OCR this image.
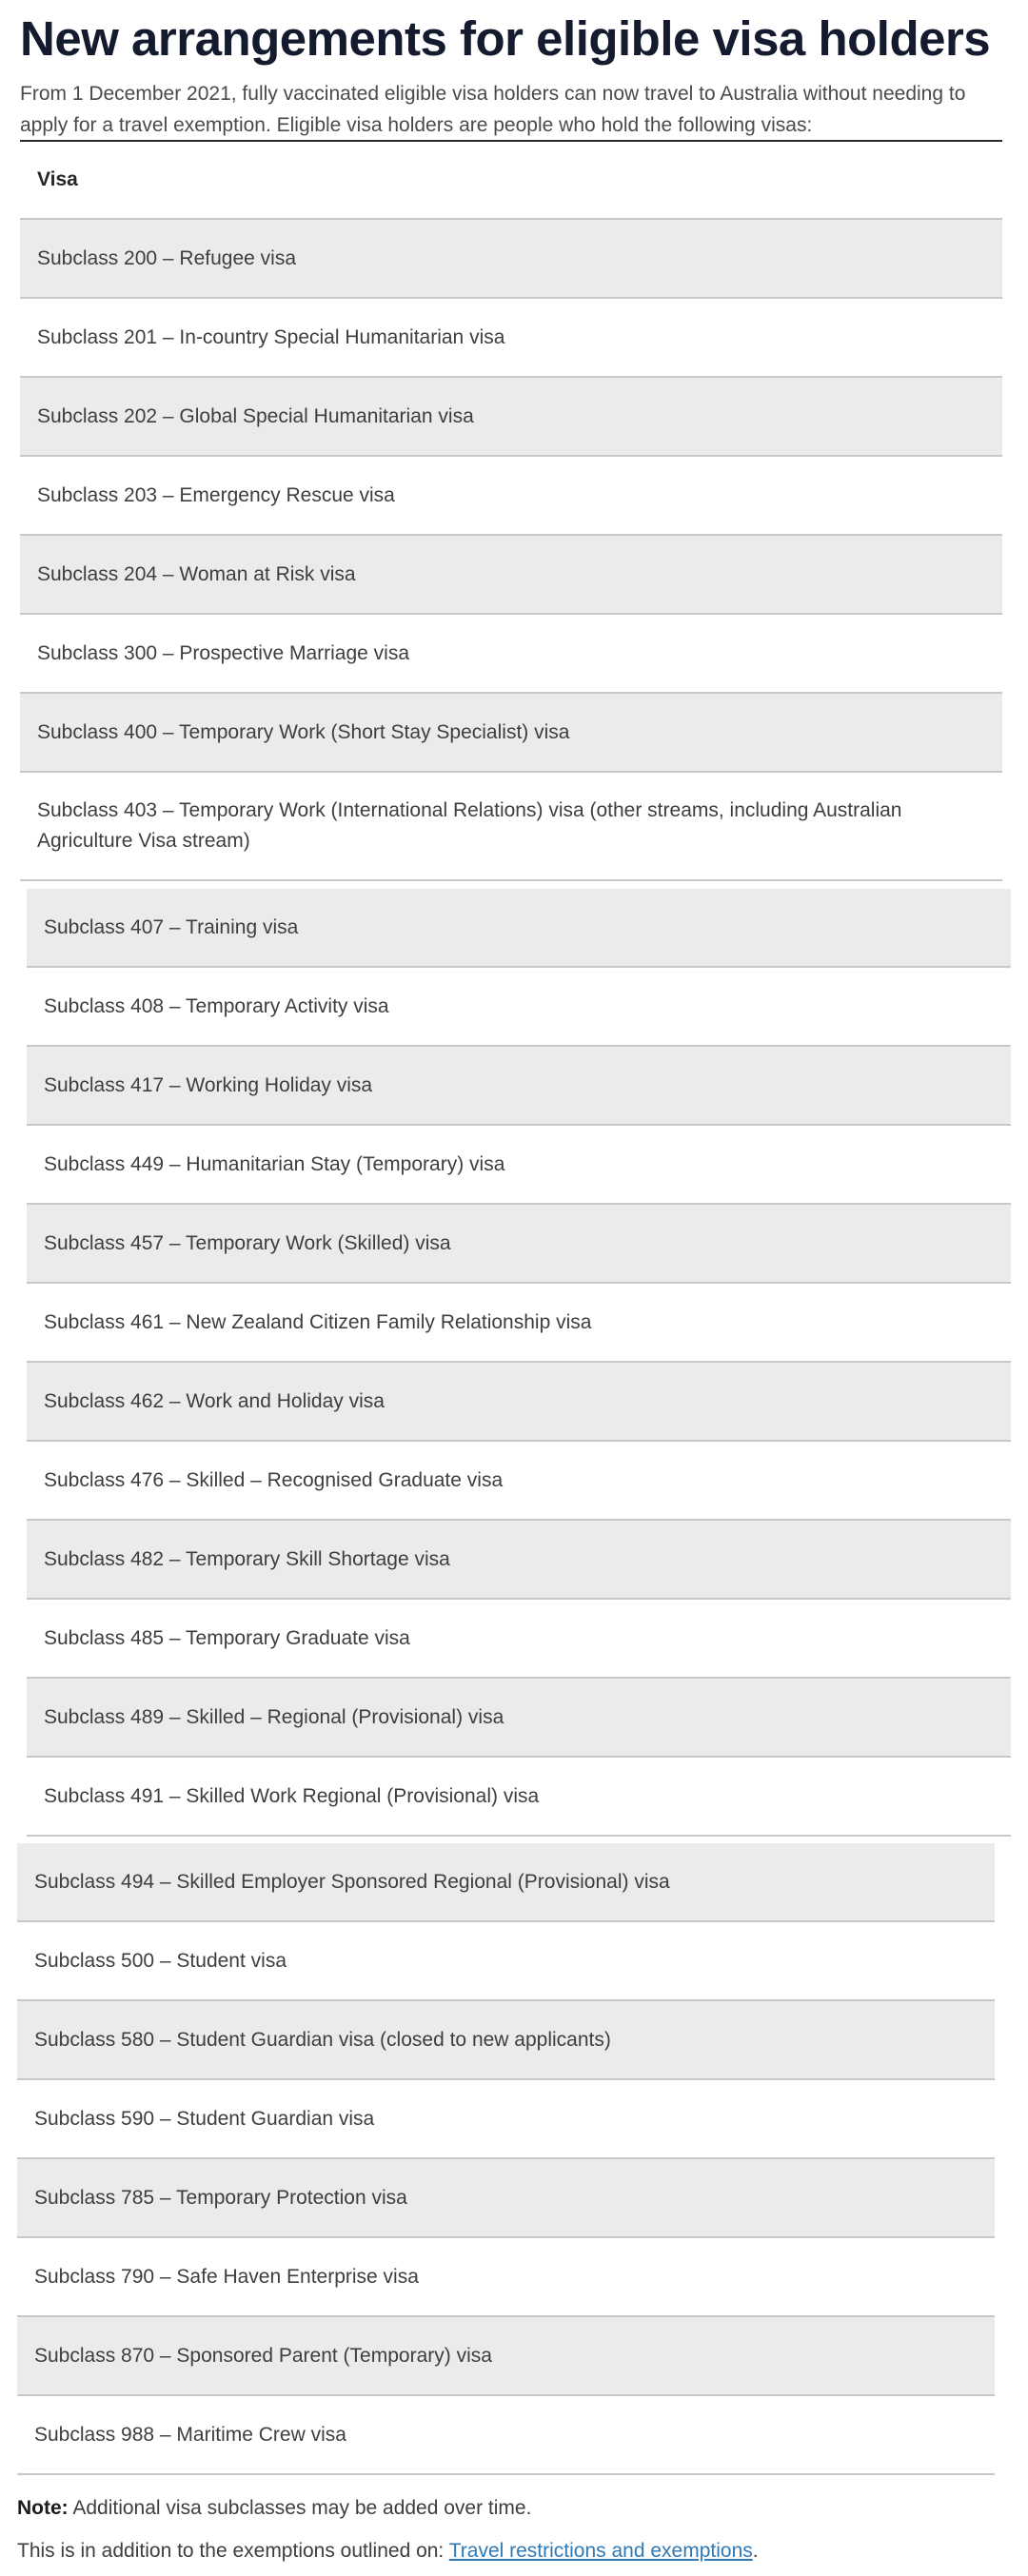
New arrangements for eligible visa holders

From 1 December 2021, fully vaccinated eligible visa holders can now travel to Australia without needing to apply for a travel exemption. Eligible visa holders are people who hold the following visas:

Visa
Subclass 200 – Refugee visa
Subclass 201 – In-country Special Humanitarian visa
Subclass 202 – Global Special Humanitarian visa
Subclass 203 – Emergency Rescue visa
Subclass 204 – Woman at Risk visa
Subclass 300 – Prospective Marriage visa
Subclass 400 – Temporary Work (Short Stay Specialist) visa
Subclass 403 – Temporary Work (International Relations) visa (other streams, including Australian Agriculture Visa stream)
Subclass 407 – Training visa
Subclass 408 – Temporary Activity visa
Subclass 417 – Working Holiday visa
Subclass 449 – Humanitarian Stay (Temporary) visa
Subclass 457 – Temporary Work (Skilled) visa
Subclass 461 – New Zealand Citizen Family Relationship visa
Subclass 462 – Work and Holiday visa
Subclass 476 – Skilled – Recognised Graduate visa
Subclass 482 – Temporary Skill Shortage visa
Subclass 485 – Temporary Graduate visa
Subclass 489 – Skilled – Regional (Provisional) visa
Subclass 491 – Skilled Work Regional (Provisional) visa
Subclass 494 – Skilled Employer Sponsored Regional (Provisional) visa
Subclass 500 – Student visa
Subclass 580 – Student Guardian visa (closed to new applicants)
Subclass 590 – Student Guardian visa
Subclass 785 – Temporary Protection visa
Subclass 790 – Safe Haven Enterprise visa
Subclass 870 – Sponsored Parent (Temporary) visa
Subclass 988 – Maritime Crew visa

Note: Additional visa subclasses may be added over time.

This is in addition to the exemptions outlined on: Travel restrictions and exemptions.
